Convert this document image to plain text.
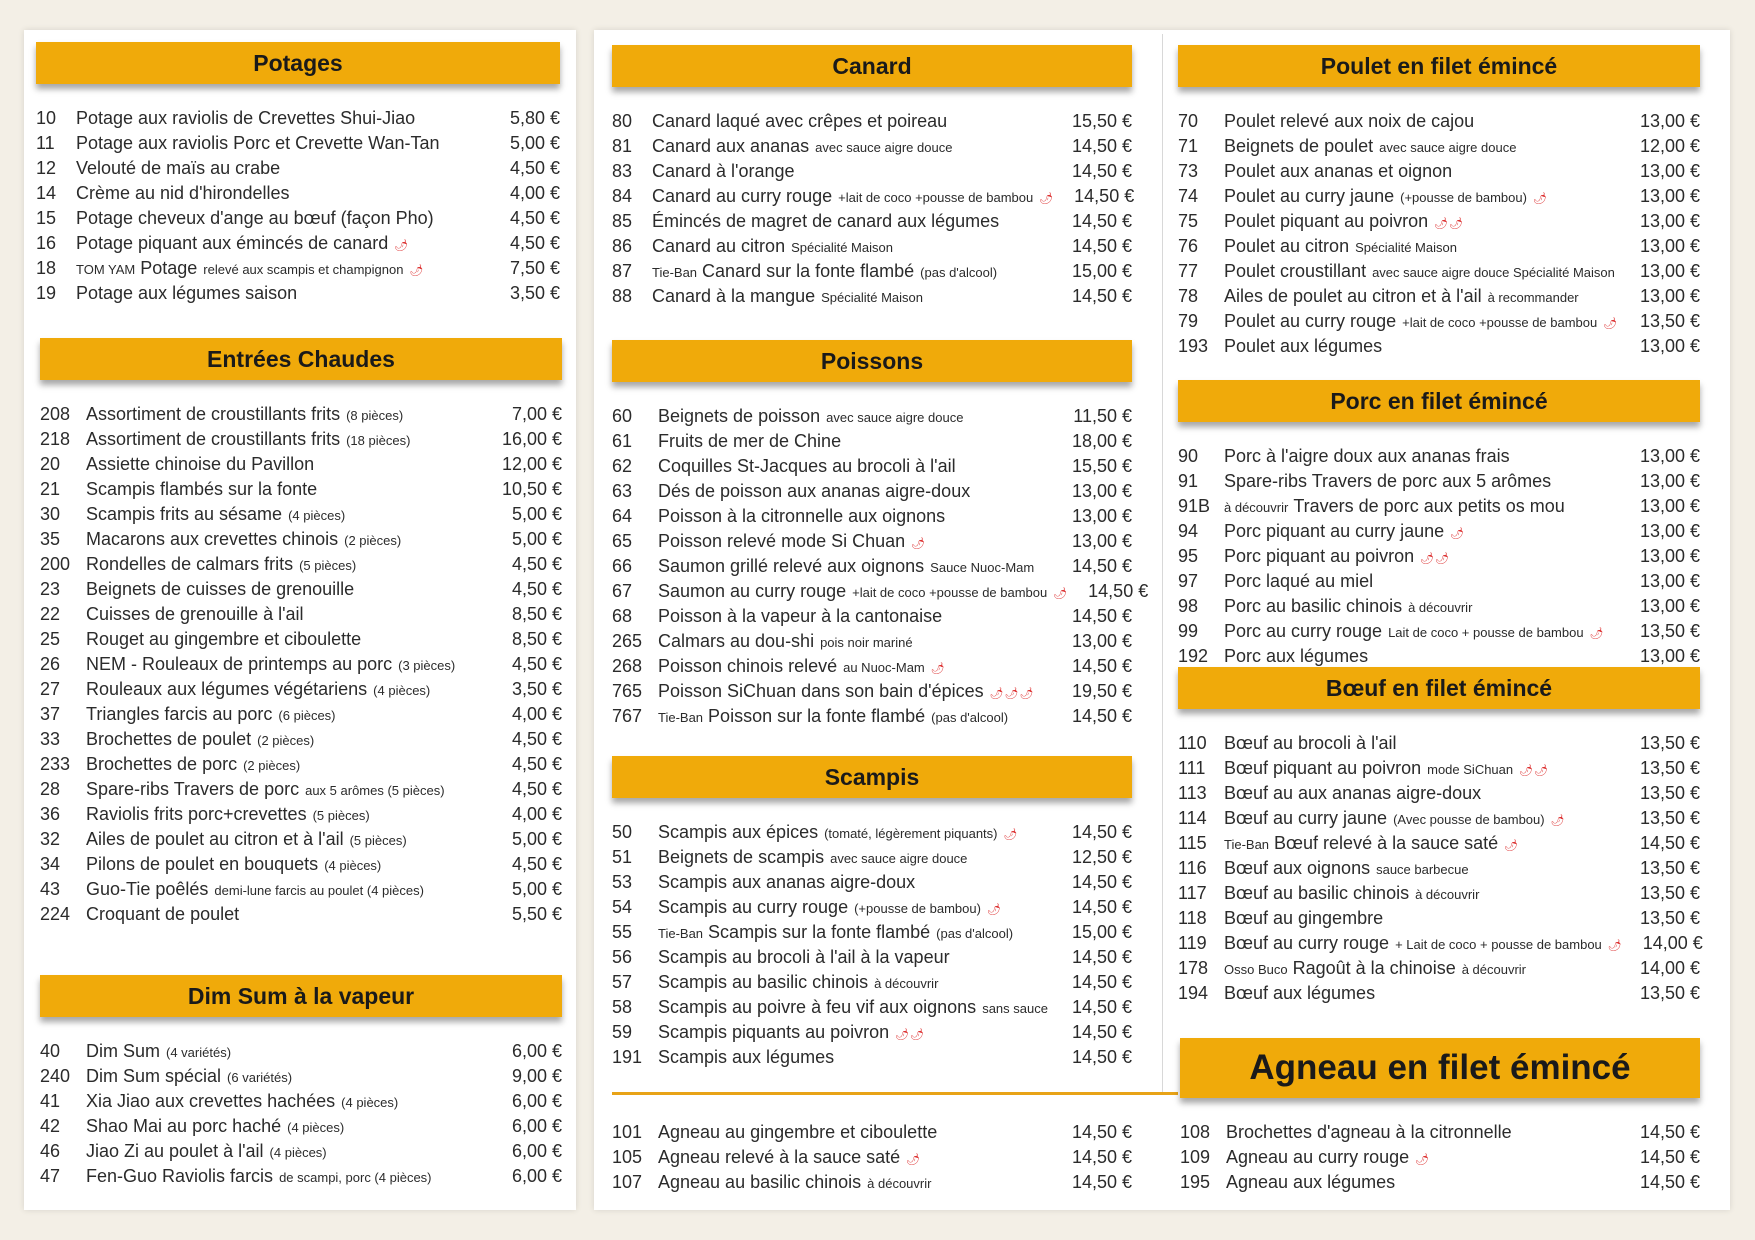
Potages
10	Potage aux raviolis de Crevettes Shui-Jiao	5,80 €
11	Potage aux raviolis Porc et Crevette Wan-Tan	5,00 €
12	Velouté de maïs au crabe	4,50 €
14	Crème au nid d'hirondelles	4,00 €
15	Potage cheveux d'ange au bœuf (façon Pho)	4,50 €
16	Potage piquant aux émincés de canard 🌶	4,50 €
18	TOM YAM Potage relevé aux scampis et champignon 🌶	7,50 €
19	Potage aux légumes saison	3,50 €
Entrées Chaudes
208 Assortiment de croustillants frits (8 pièces)	7,00 €
218 Assortiment de croustillants frits (18 pièces)	16,00 €
20	Assiette chinoise du Pavillon	12,00 €
21	Scampis flambés sur la fonte	10,50 €
30	Scampis frits au sésame (4 pièces)	5,00 €
35	Macarons aux crevettes chinois (2 pièces)	5,00 €
200 Rondelles de calmars frits (5 pièces)	4,50 €
23	Beignets de cuisses de grenouille	4,50 €
22	Cuisses de grenouille à l'ail	8,50 €
25	Rouget au gingembre et ciboulette	8,50 €
26	NEM - Rouleaux de printemps au porc (3 pièces)	4,50 €
27	Rouleaux aux légumes végétariens (4 pièces)	3,50 €
37	Triangles farcis au porc (6 pièces)	4,00 €
33	Brochettes de poulet (2 pièces)	4,50 €
233 Brochettes de porc (2 pièces)	4,50 €
28	Spare-ribs Travers de porc aux 5 arômes (5 pièces)	4,50 €
36	Raviolis frits porc+crevettes (5 pièces)	4,00 €
32	Ailes de poulet au citron et à l'ail (5 pièces)	5,00 €
34	Pilons de poulet en bouquets (4 pièces)	4,50 €
43	Guo-Tie poêlés demi-lune farcis au poulet (4 pièces)	5,00 €
224 Croquant de poulet	5,50 €
Dim Sum à la vapeur
40	Dim Sum (4 variétés)	6,00 €
240 Dim Sum spécial (6 variétés)	9,00 €
41	Xia Jiao aux crevettes hachées (4 pièces)	6,00 €
42	Shao Mai au porc haché (4 pièces)	6,00 €
46	Jiao Zi au poulet à l'ail (4 pièces)	6,00 €
47	Fen-Guo Raviolis farcis de scampi, porc (4 pièces)	6,00 €
Canard
80	Canard laqué avec crêpes et poireau	15,50 €
81	Canard aux ananas avec sauce aigre douce	14,50 €
83	Canard à l'orange	14,50 €
84	Canard au curry rouge +lait de coco +pousse de bambou 🌶	14,50 €
85	Émincés de magret de canard aux légumes	14,50 €
86	Canard au citron Spécialité Maison	14,50 €
87	Tie-Ban Canard sur la fonte flambé (pas d'alcool)	15,00 €
88	Canard à la mangue Spécialité Maison	14,50 €
Poissons
60	Beignets de poisson avec sauce aigre douce	11,50 €
61	Fruits de mer de Chine	18,00 €
62	Coquilles St-Jacques au brocoli à l'ail	15,50 €
63	Dés de poisson aux ananas aigre-doux	13,00 €
64	Poisson à la citronnelle aux oignons	13,00 €
65	Poisson relevé mode Si Chuan 🌶	13,00 €
66	Saumon grillé relevé aux oignons Sauce Nuoc-Mam	14,50 €
67	Saumon au curry rouge +lait de coco +pousse de bambou 🌶	14,50 €
68	Poisson à la vapeur à la cantonaise	14,50 €
265 Calmars au dou-shi pois noir mariné	13,00 €
268 Poisson chinois relevé au Nuoc-Mam 🌶	14,50 €
765 Poisson SiChuan dans son bain d'épices 🌶🌶🌶	19,50 €
767	Tie-Ban Poisson sur la fonte flambé (pas d'alcool)	14,50 €
Scampis
50	Scampis aux épices (tomaté, légèrement piquants) 🌶	14,50 €
51	Beignets de scampis avec sauce aigre douce	12,50 €
53	Scampis aux ananas aigre-doux	14,50 €
54	Scampis au curry rouge (+pousse de bambou) 🌶	14,50 €
55	Tie-Ban Scampis sur la fonte flambé (pas d'alcool)	15,00 €
56	Scampis au brocoli à l'ail à la vapeur	14,50 €
57	Scampis au basilic chinois à découvrir	14,50 €
58	Scampis au poivre à feu vif aux oignons sans sauce	14,50 €
59	Scampis piquants au poivron 🌶🌶	14,50 €
191 Scampis aux légumes	14,50 €
Poulet en filet émincé
70	Poulet relevé aux noix de cajou	13,00 €
71	Beignets de poulet avec sauce aigre douce	12,00 €
73	Poulet aux ananas et oignon	13,00 €
74	Poulet au curry jaune (+pousse de bambou) 🌶	13,00 €
75	Poulet piquant au poivron 🌶🌶	13,00 €
76	Poulet au citron Spécialité Maison	13,00 €
77	Poulet croustillant avec sauce aigre douce Spécialité Maison	13,00 €
78	Ailes de poulet au citron et à l'ail à recommander	13,00 €
79	Poulet au curry rouge +lait de coco +pousse de bambou 🌶	13,50 €
193 Poulet aux légumes	13,00 €
Porc en filet émincé
90	Porc à l'aigre doux aux ananas frais	13,00 €
91	Spare-ribs Travers de porc aux 5 arômes	13,00 €
91B	à découvrir Travers de porc aux petits os mou	13,00 €
94	Porc piquant au curry jaune 🌶	13,00 €
95	Porc piquant au poivron 🌶🌶	13,00 €
97	Porc laqué au miel	13,00 €
98	Porc au basilic chinois à découvrir	13,00 €
99	Porc au curry rouge Lait de coco + pousse de bambou 🌶	13,50 €
192 Porc aux légumes	13,00 €
Bœuf en filet émincé
110 Bœuf au brocoli à l'ail	13,50 €
111	Bœuf piquant au poivron mode SiChuan 🌶🌶	13,50 €
113 Bœuf au aux ananas aigre-doux	13,50 €
114 Bœuf au curry jaune (Avec pousse de bambou) 🌶	13,50 €
115	Tie-Ban Bœuf relevé à la sauce saté 🌶	14,50 €
116 Bœuf aux oignons sauce barbecue	13,50 €
117 Bœuf au basilic chinois à découvrir	13,50 €
118 Bœuf au gingembre	13,50 €
119 Bœuf au curry rouge + Lait de coco + pousse de bambou 🌶	14,00 €
178	Osso Buco Ragoût à la chinoise à découvrir	14,00 €
194 Bœuf aux légumes	13,50 €
Agneau en filet émincé
108 Brochettes d'agneau à la citronnelle	14,50 €
109 Agneau au curry rouge 🌶	14,50 €
195 Agneau aux légumes	14,50 €
101 Agneau au gingembre et ciboulette	14,50 €
105 Agneau relevé à la sauce saté 🌶	14,50 €
107 Agneau au basilic chinois à découvrir	14,50 €
